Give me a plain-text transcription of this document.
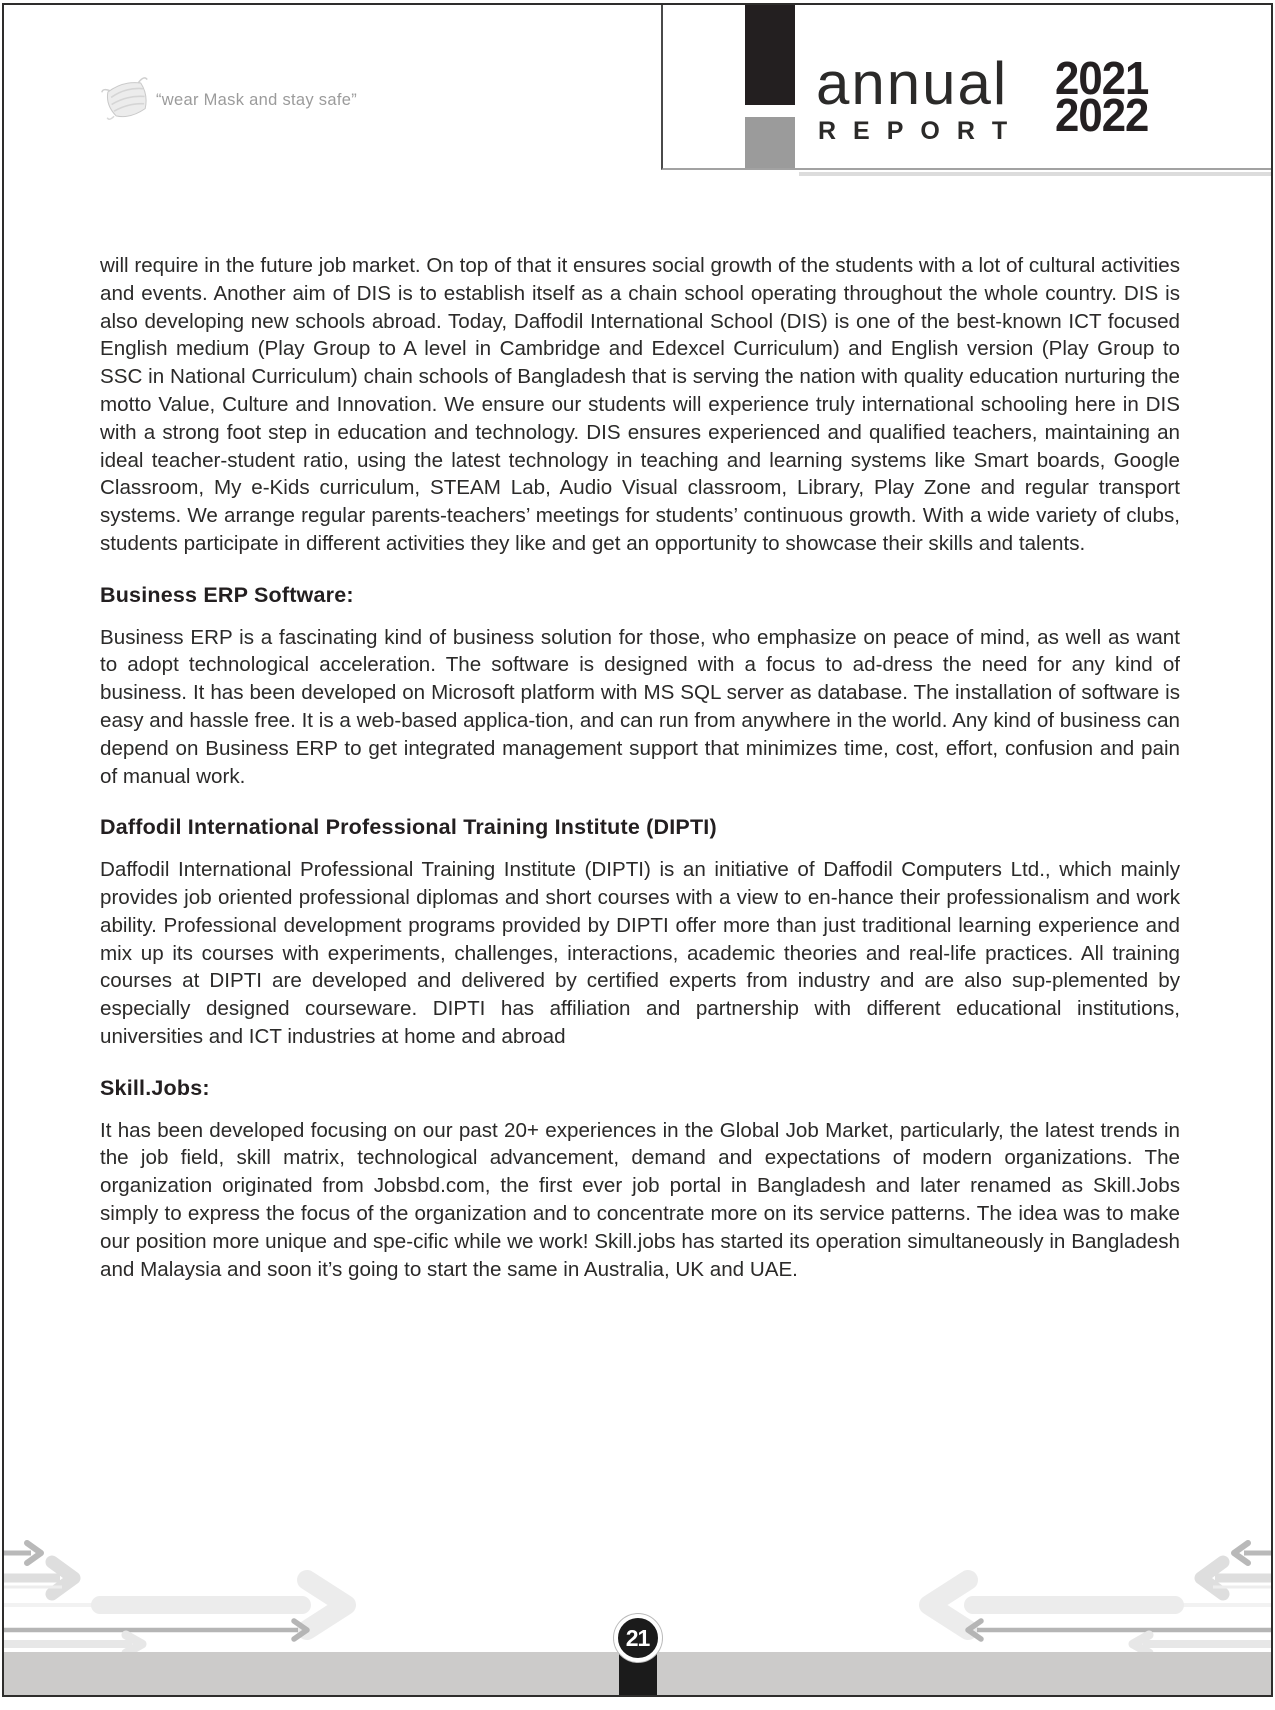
“wear Mask and stay safe”	annual
REPORT
2021
2022

will require in the future job market. On top of that it ensures social growth of the students with a lot of cultural activities and events. Another aim of DIS is to establish itself as a chain school operating throughout the whole country. DIS is also developing new schools abroad. Today, Daffodil International School (DIS) is one of the best-known ICT focused English medium (Play Group to A level in Cambridge and Edexcel Curriculum) and English version (Play Group to SSC in National Curriculum) chain schools of Bangladesh that is serving the nation with quality education nurturing the motto Value, Culture and Innovation. We ensure our students will experience truly international schooling here in DIS with a strong foot step in education and technology. DIS ensures experienced and qualified teachers, maintaining an ideal teacher-student ratio, using the latest technology in teaching and learning systems like Smart boards, Google Classroom, My e-Kids curriculum, STEAM Lab, Audio Visual classroom, Library, Play Zone and regular transport systems. We arrange regular parents-teachers’ meetings for students’ continuous growth. With a wide variety of clubs, students participate in different activities they like and get an opportunity to showcase their skills and talents.

Business ERP Software:

Business ERP is a fascinating kind of business solution for those, who emphasize on peace of mind, as well as want to adopt technological acceleration. The software is designed with a focus to ad-dress the need for any kind of business. It has been developed on Microsoft platform with MS SQL server as database. The installation of software is easy and hassle free. It is a web-based applica-tion, and can run from anywhere in the world. Any kind of business can depend on Business ERP to get integrated management support that minimizes time, cost, effort, confusion and pain of manual work.

Daffodil International Professional Training Institute (DIPTI)

Daffodil International Professional Training Institute (DIPTI) is an initiative of Daffodil Computers Ltd., which mainly provides job oriented professional diplomas and short courses with a view to en-hance their professionalism and work ability. Professional development programs provided by DIPTI offer more than just traditional learning experience and mix up its courses with experiments, challenges, interactions, academic theories and real-life practices. All training courses at DIPTI are developed and delivered by certified experts from industry and are also sup-plemented by especially designed courseware. DIPTI has affiliation and partnership with different educational institutions, universities and ICT industries at home and abroad

Skill.Jobs:

It has been developed focusing on our past 20+ experiences in the Global Job Market, particularly, the latest trends in the job field, skill matrix, technological advancement, demand and expectations of modern organizations. The organization originated from Jobsbd.com, the first ever job portal in Bangladesh and later renamed as Skill.Jobs simply to express the focus of the organization and to concentrate more on its service patterns. The idea was to make our position more unique and spe-cific while we work! Skill.jobs has started its operation simultaneously in Bangladesh and Malaysia and soon it’s going to start the same in Australia, UK and UAE.

21
